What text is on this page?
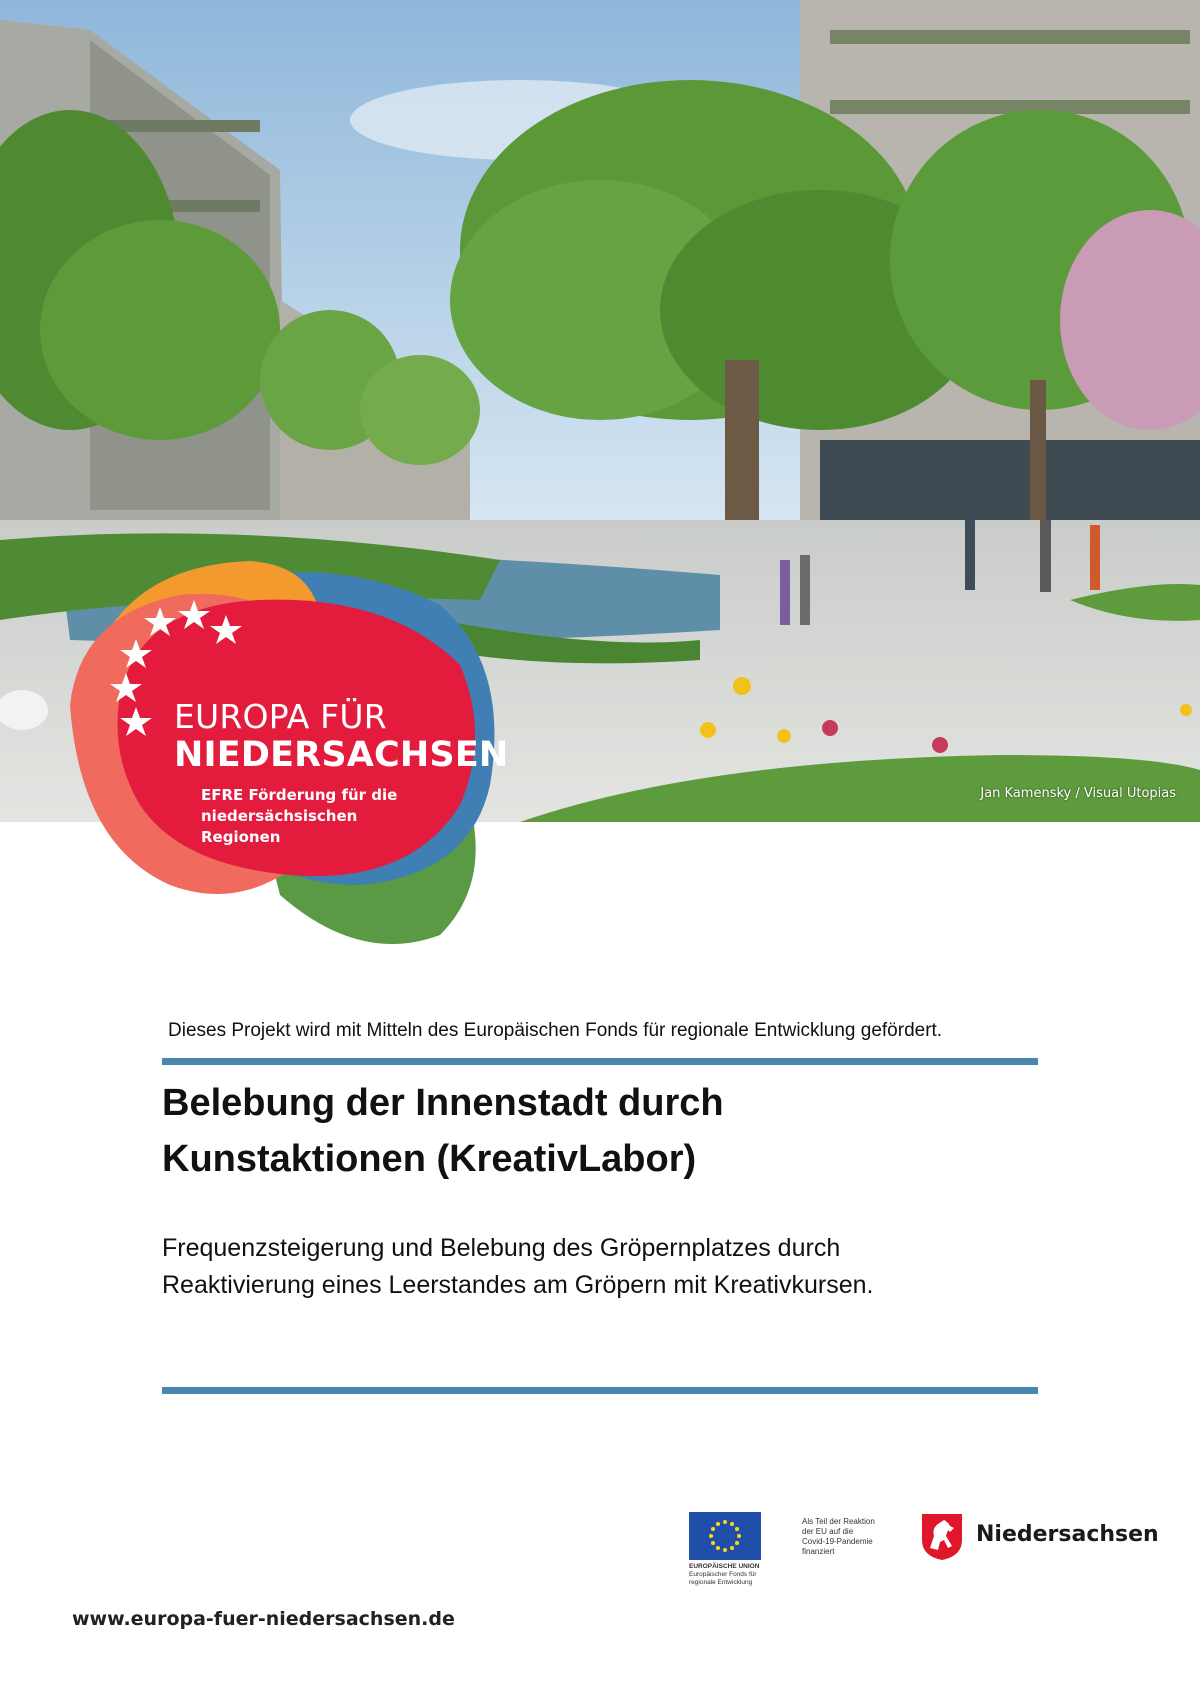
Jan Kamensky / Visual Utopias
EUROPA FÜR
NIEDERSACHSEN
EFRE Förderung für die niedersächsischen Regionen
Dieses Projekt wird mit Mitteln des Europäischen Fonds für regionale Entwicklung gefördert.
Belebung der Innenstadt durch
Kunstaktionen (KreativLabor)
Frequenzsteigerung und Belebung des Gröpernplatzes durch
Reaktivierung eines Leerstandes am Gröpern mit Kreativkursen.
EUROPÄISCHE UNION
Europäischer Fonds für
regionale Entwicklung
Als Teil der Reaktion
der EU auf die
Covid-19-Pandemie
finanziert
Niedersachsen
www.europa-fuer-niedersachsen.de
